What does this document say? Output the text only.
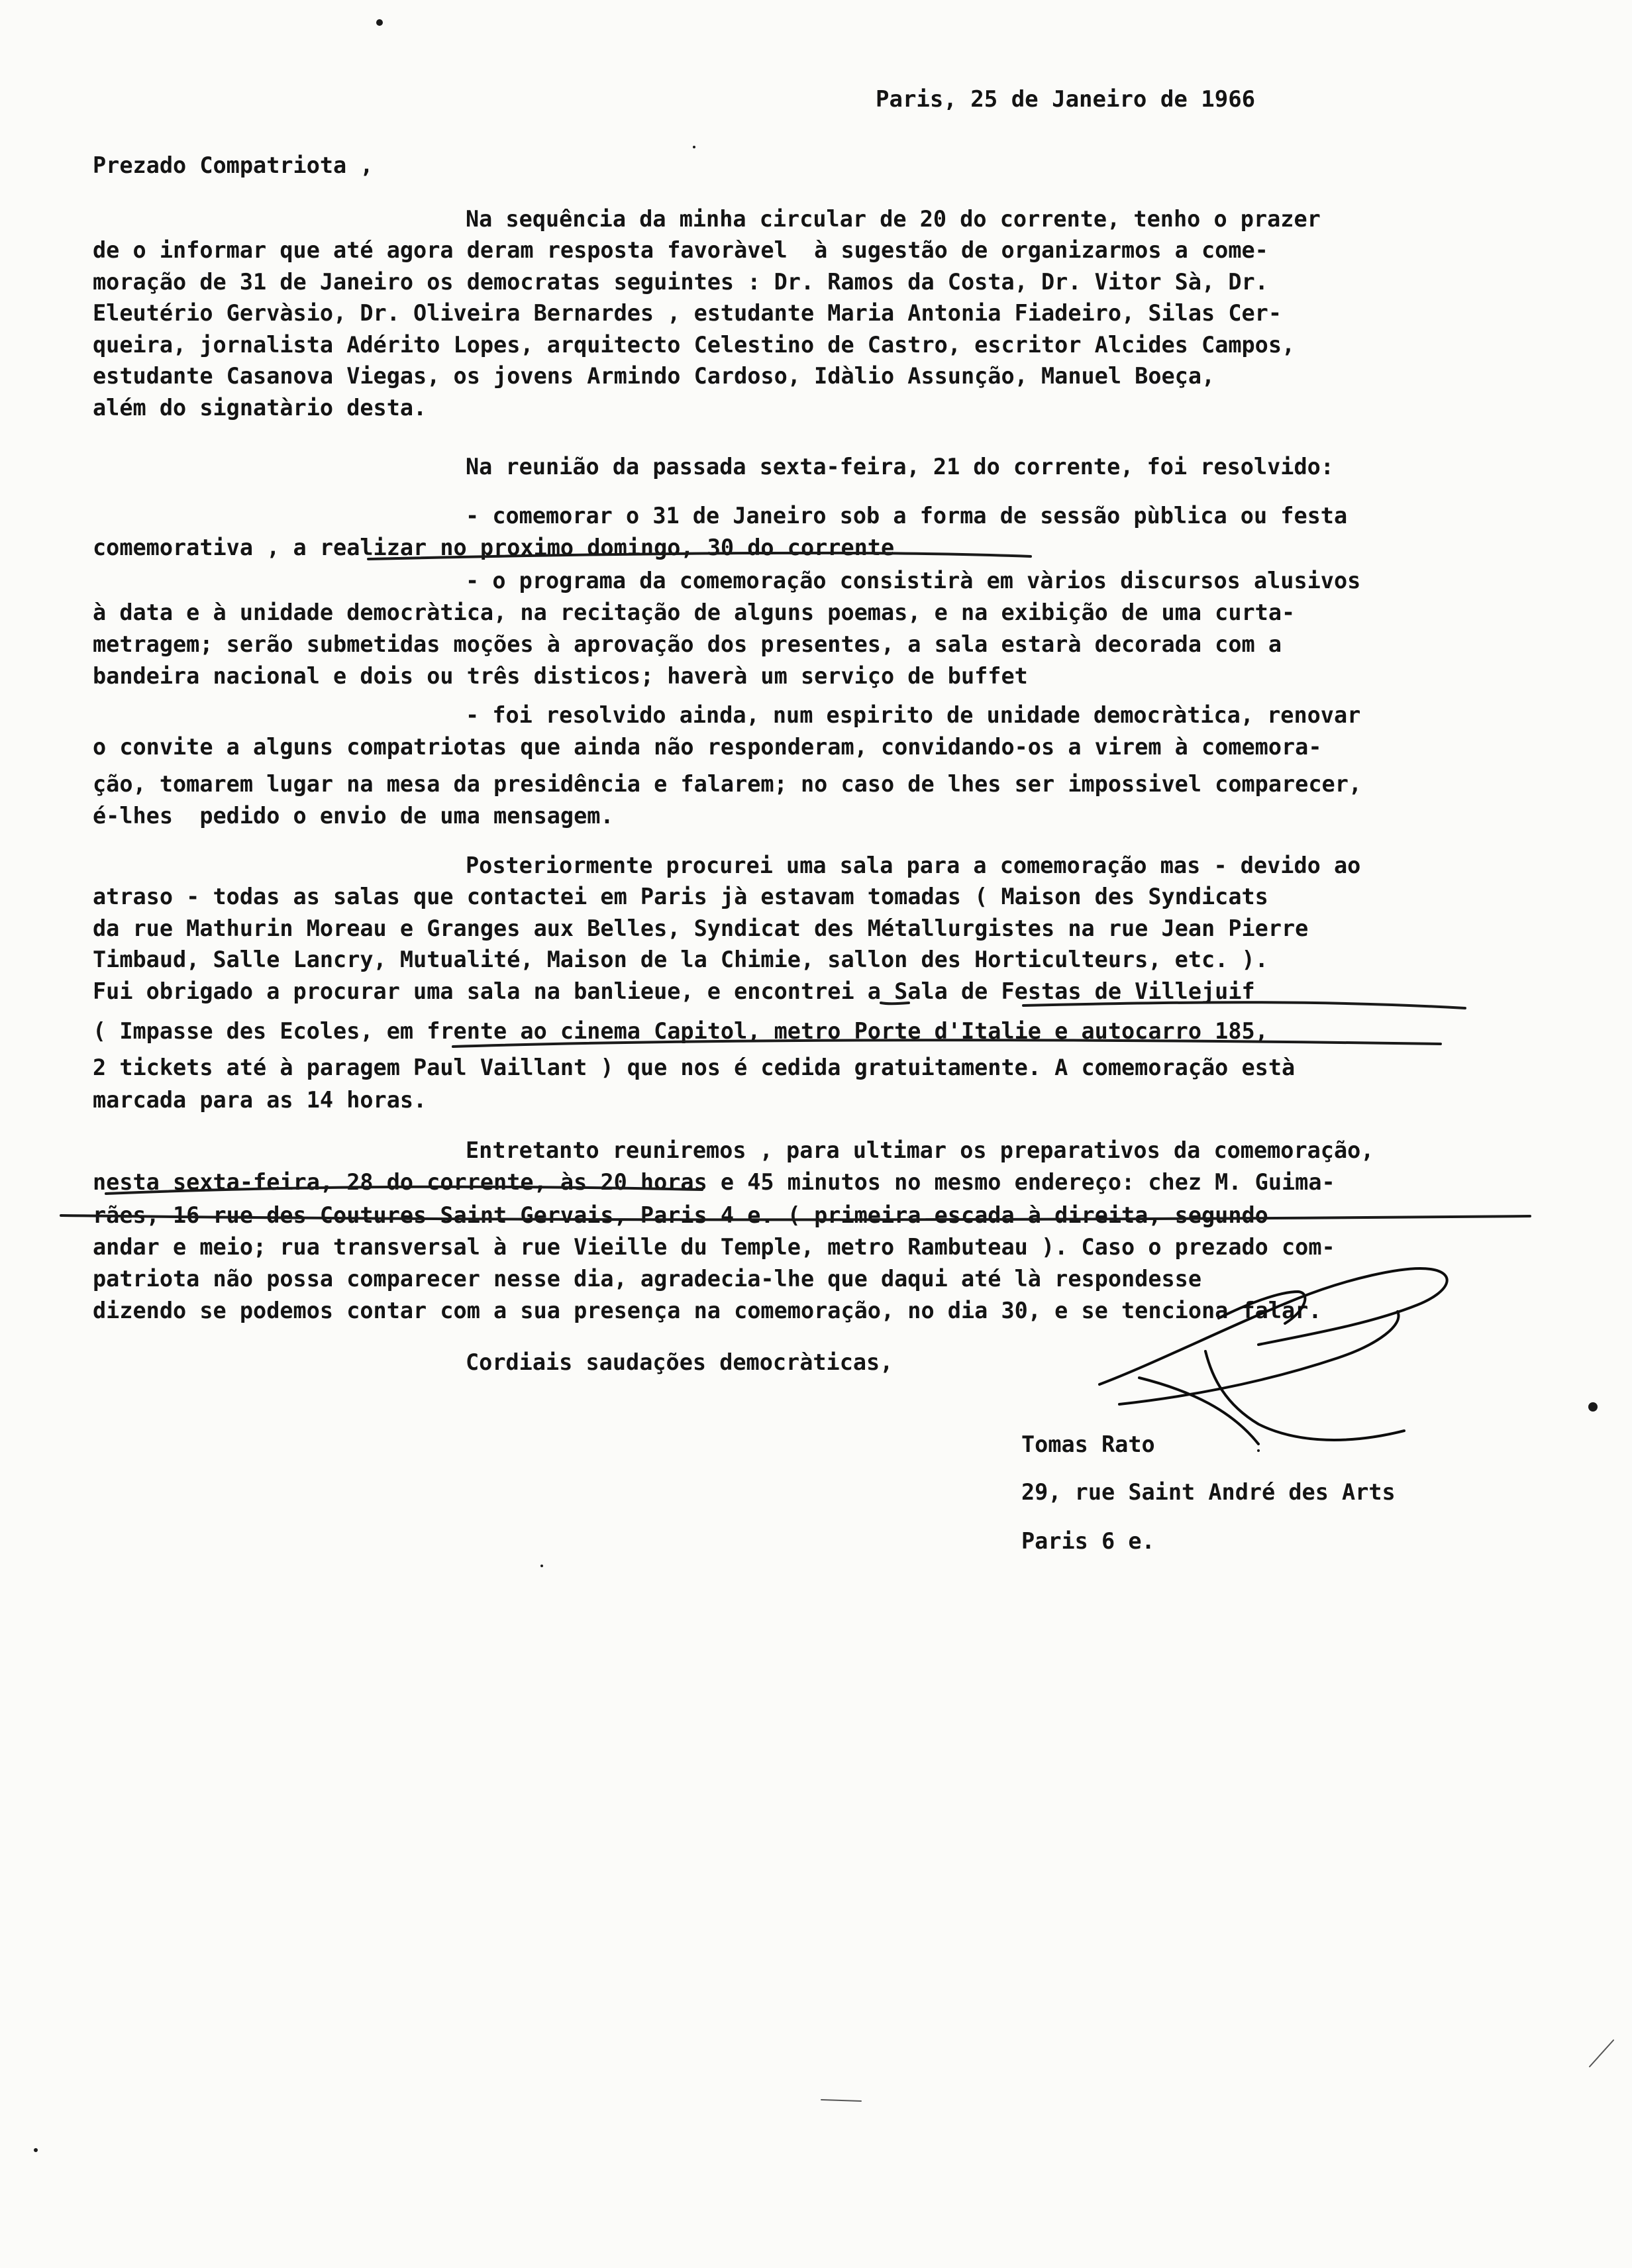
Paris, 25 de Janeiro de 1966
Prezado Compatriota ,
Na sequência da minha circular de 20 do corrente, tenho o prazer
de o informar que até agora deram resposta favoràvel  à sugestão de organizarmos a come-
moração de 31 de Janeiro os democratas seguintes : Dr. Ramos da Costa, Dr. Vitor Sà, Dr.
Eleutério Gervàsio, Dr. Oliveira Bernardes , estudante Maria Antonia Fiadeiro, Silas Cer-
queira, jornalista Adérito Lopes, arquitecto Celestino de Castro, escritor Alcides Campos,
estudante Casanova Viegas, os jovens Armindo Cardoso, Idàlio Assunção, Manuel Boeça,
além do signatàrio desta.
Na reunião da passada sexta-feira, 21 do corrente, foi resolvido:
- comemorar o 31 de Janeiro sob a forma de sessão pùblica ou festa
comemorativa , a realizar no proximo domingo, 30 do corrente
- o programa da comemoração consistirà em vàrios discursos alusivos
à data e à unidade democràtica, na recitação de alguns poemas, e na exibição de uma curta-
metragem; serão submetidas moções à aprovação dos presentes, a sala estarà decorada com a
bandeira nacional e dois ou três disticos; haverà um serviço de buffet
- foi resolvido ainda, num espirito de unidade democràtica, renovar
o convite a alguns compatriotas que ainda não responderam, convidando-os a virem à comemora-
ção, tomarem lugar na mesa da presidência e falarem; no caso de lhes ser impossivel comparecer,
é-lhes  pedido o envio de uma mensagem.
Posteriormente procurei uma sala para a comemoração mas - devido ao
atraso - todas as salas que contactei em Paris jà estavam tomadas ( Maison des Syndicats
da rue Mathurin Moreau e Granges aux Belles, Syndicat des Métallurgistes na rue Jean Pierre
Timbaud, Salle Lancry, Mutualité, Maison de la Chimie, sallon des Horticulteurs, etc. ).
Fui obrigado a procurar uma sala na banlieue, e encontrei a Sala de Festas de Villejuif
( Impasse des Ecoles, em frente ao cinema Capitol, metro Porte d'Italie e autocarro 185,
2 tickets até à paragem Paul Vaillant ) que nos é cedida gratuitamente. A comemoração està
marcada para as 14 horas.
Entretanto reuniremos , para ultimar os preparativos da comemoração,
nesta sexta-feira, 28 do corrente, às 20 horas e 45 minutos no mesmo endereço: chez M. Guima-
rães, 16 rue des Coutures Saint Gervais, Paris 4 e. ( primeira escada à direita, segundo
andar e meio; rua transversal à rue Vieille du Temple, metro Rambuteau ). Caso o prezado com-
patriota não possa comparecer nesse dia, agradecia-lhe que daqui até là respondesse
dizendo se podemos contar com a sua presença na comemoração, no dia 30, e se tenciona falar.
Cordiais saudações democràticas,
Tomas Rato
29, rue Saint André des Arts
Paris 6 e.
